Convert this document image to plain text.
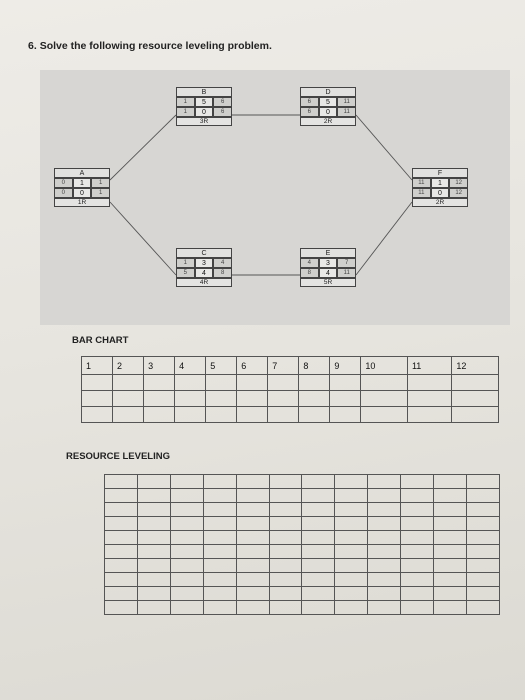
6. Solve the following resource leveling problem.
A
0	1	1
0	0	1
1R
B
1	5	6
1	0	6
3R
C
1	3	4
5	4	8
4R
D
6	5	11
6	0	11
2R
E
4	3	7
8	4	11
5R
F
11	1	12
11	0	12
2R
BAR CHART
1	2	3	4	5	6	7	8	9	10	11	12

RESOURCE LEVELING
